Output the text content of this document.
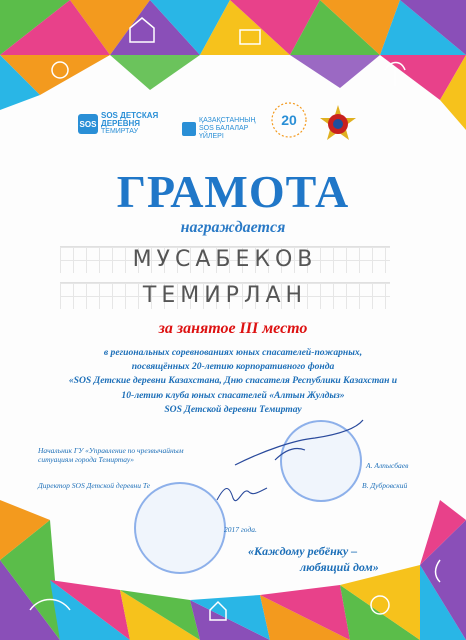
SOS
SOS ДЕТСКАЯ
ДЕРЕВНЯ
ТЕМИРТАУ
ҚАЗАҚСТАННЫҢ
SOS БАЛАЛАР
ҮЙЛЕРІ
20
ГРАМОТА
награждается
МУСАБЕКОВ
ТЕМИРЛАН
за занятое III место
в региональных соревнованиях юных спасателей-пожарных,
посвящённых 20-летию корпоративного фонда
«SOS Детские деревни Казахстана, Дню спасателя Республики Казахстан и
10-летию клуба юных спасателей «Алтын Жулдыз»
SOS Детской деревни Темиртау
Начальник ГУ «Управление по чрезвычайным
ситуациям города Темиртау»
А. Алпысбаев
Директор SOS Детской деревни Те	В. Дубровский
2017 года.
«Каждому ребёнку –
любящий дом»
